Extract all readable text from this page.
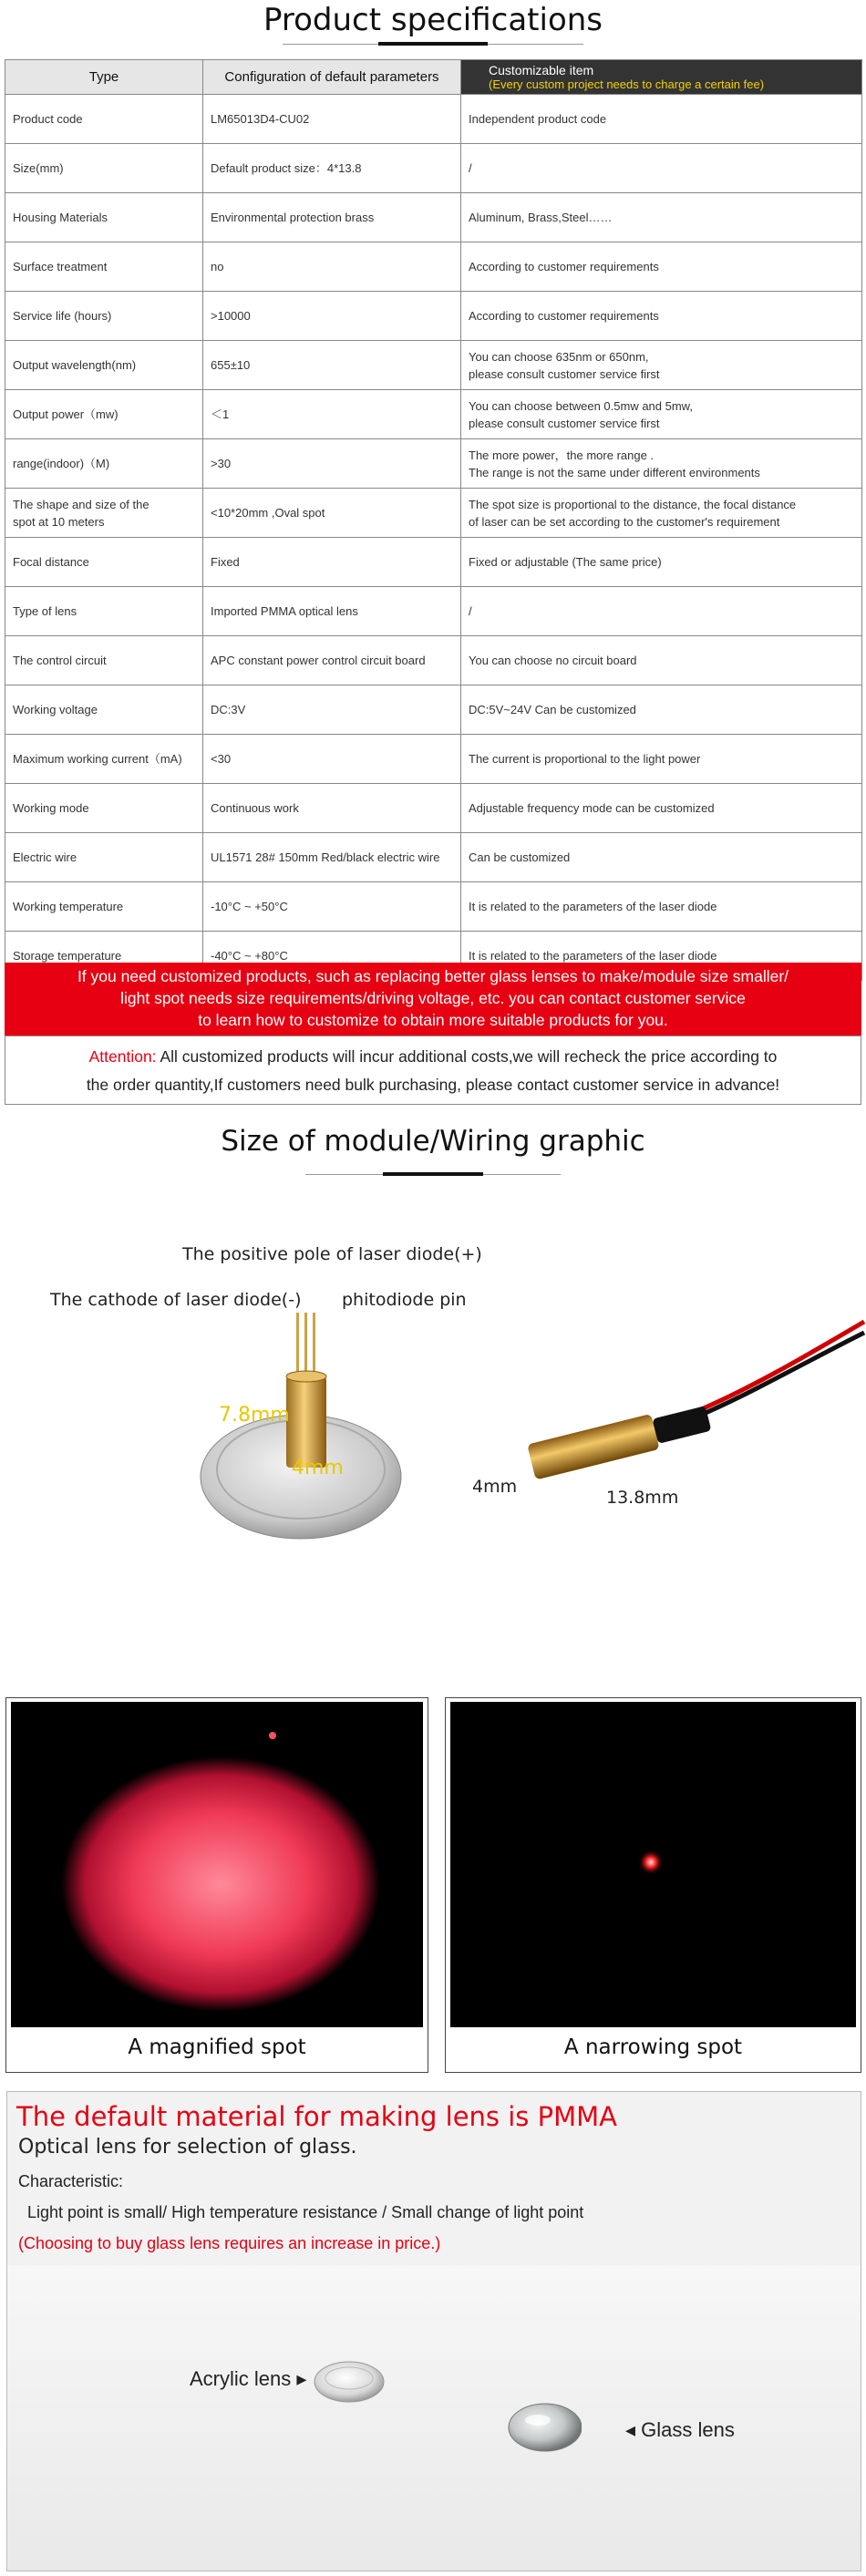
Product specifications
Type	Configuration of default parameters	Customizable item
(Every custom project needs to charge a certain fee)

Product code	LM65013D4-CU02	Independent product code
Size(mm)	Default product size：4*13.8	/
Housing Materials	Environmental protection brass	Aluminum, Brass,Steel……
Surface treatment	no	According to customer requirements
Service life (hours)	>10000	According to customer requirements
Output wavelength(nm)	655±10	You can choose 635nm or 650nm,
please consult customer service first
Output power（mw)	＜1	You can choose between 0.5mw and 5mw,
please consult customer service first
range(indoor)（M)	>30	The more power，the more range .
The range is not the same under different environments
The shape and size of the
spot at 10 meters	<10*20mm ,Oval spot	The spot size is proportional to the distance, the focal distance
of laser can be set according to the customer's requirement
Focal distance	Fixed	Fixed or adjustable (The same price)
Type of lens	Imported PMMA optical lens	/
The control circuit	APC constant power control circuit board	You can choose no circuit board
Working voltage	DC:3V	DC:5V~24V Can be customized
Maximum working current（mA)	<30	The current is proportional to the light power
Working mode	Continuous work	Adjustable frequency mode can be customized
Electric wire	UL1571 28# 150mm Red/black electric wire	Can be customized
Working temperature	-10°C ~ +50°C	It is related to the parameters of the laser diode
Storage temperature	-40°C ~ +80°C	It is related to the parameters of the laser diode
If you need customized products, such as replacing better glass lenses to make/module size smaller/
light spot needs size requirements/driving voltage, etc. you can contact customer service
to learn how to customize to obtain more suitable products for you.
Attention: All customized products will incur additional costs,we will recheck the price according to
the order quantity,If customers need bulk purchasing, please contact customer service in advance!
Size of module/Wiring graphic
The positive pole of laser diode(+)
The cathode of laser diode(-) phitodiode pin
7.8mm
4mm
4mm
13.8mm
A magnified spot	A narrowing spot
The default material for making lens is PMMA
Optical lens for selection of glass.
Characteristic:
Light point is small/ High temperature resistance / Small change of light point
(Choosing to buy glass lens requires an increase in price.)
Acrylic lens ▸
◂ Glass lens
